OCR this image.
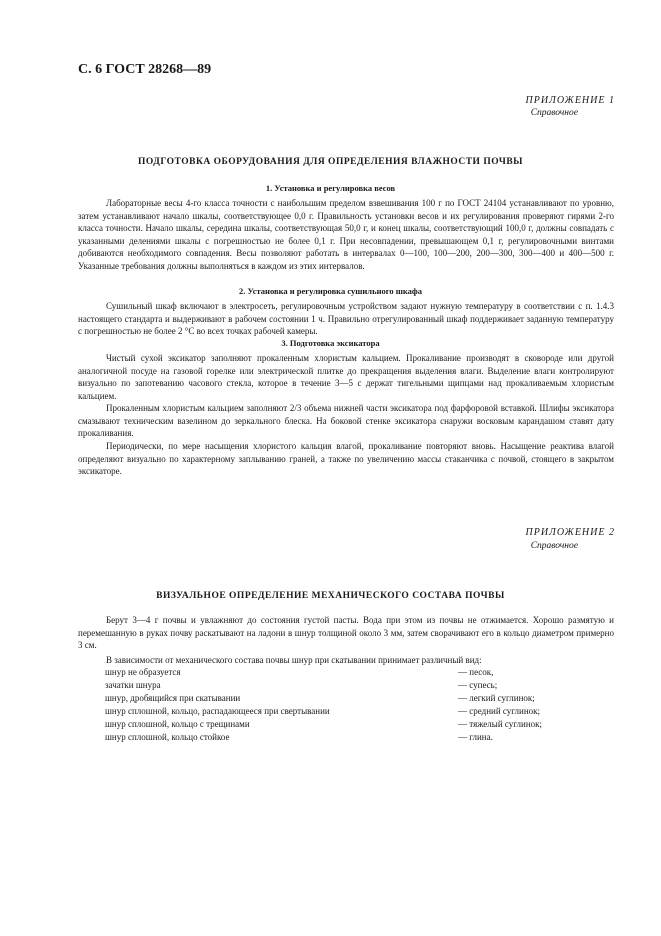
С. 6 ГОСТ 28268—89
ПРИЛОЖЕНИЕ 1
Справочное
ПОДГОТОВКА ОБОРУДОВАНИЯ ДЛЯ ОПРЕДЕЛЕНИЯ ВЛАЖНОСТИ ПОЧВЫ
1. Установка и регулировка весов

Лабораторные весы 4-го класса точности с наибольшим пределом взвешивания 100 г по ГОСТ 24104 устанавливают по уровню, затем устанавливают начало шкалы, соответствующее 0,0 г. Правильность установки весов и их регулирования проверяют гирями 2-го класса точности. Начало шкалы, середина шкалы, соответствующая 50,0 г, и конец шкалы, соответствующий 100,0 г, должны совпадать с указанными делениями шкалы с погрешностью не более 0,1 г. При несовпадении, превышающем 0,1 г, регулировочными винтами добиваются необходимого совпадения. Весы позволяют работать в интервалах 0—100, 100—200, 200—300, 300—400 и 400—500 г. Указанные требования должны выполняться в каждом из этих интервалов.

2. Установка и регулировка сушильного шкафа

Сушильный шкаф включают в электросеть, регулировочным устройством задают нужную температуру в соответствии с п. 1.4.3 настоящего стандарта и выдерживают в рабочем состоянии 1 ч. Правильно отрегулированный шкаф поддерживает заданную температуру с погрешностью не более 2 °С во всех точках рабочей камеры.

3. Подготовка эксикатора

Чистый сухой эксикатор заполняют прокаленным хлористым кальцием. Прокаливание производят в сковороде или другой аналогичной посуде на газовой горелке или электрической плитке до прекращения выделения влаги. Выделение влаги контролируют визуально по запотеванию часового стекла, которое в течение 3—5 с держат тигельными щипцами над прокаливаемым хлористым кальцием.

Прокаленным хлористым кальцием заполняют 2/3 объема нижней части эксикатора под фарфоровой вставкой. Шлифы эксикатора смазывают техническим вазелином до зеркального блеска. На боковой стенке эксикатора снаружи восковым карандашом ставят дату прокаливания.

Периодически, по мере насыщения хлористого кальция влагой, прокаливание повторяют вновь. Насыщение реактива влагой определяют визуально по характерному заплыванию граней, а также по увеличению массы стаканчика с почвой, стоящего в закрытом эксикаторе.

ПРИЛОЖЕНИЕ 2
Справочное
ВИЗУАЛЬНОЕ ОПРЕДЕЛЕНИЕ МЕХАНИЧЕСКОГО СОСТАВА ПОЧВЫ

Берут 3—4 г почвы и увлажняют до состояния густой пасты. Вода при этом из почвы не отжимается. Хорошо размятую и перемешанную в руках почву раскатывают на ладони в шнур толщиной около 3 мм, затем сворачивают его в кольцо диаметром примерно 3 см.

В зависимости от механического состава почвы шнур при скатывании принимает различный вид:

шнур не образуется	— песок,
зачатки шнура	— супесь;
шнур, дробящийся при скатывании	— легкий суглинок;
шнур сплошной, кольцо, распадающееся при свертывании	— средний суглинок;
шнур сплошной, кольцо с трещинами	— тяжелый суглинок;
шнур сплошной, кольцо стойкое	— глина.
